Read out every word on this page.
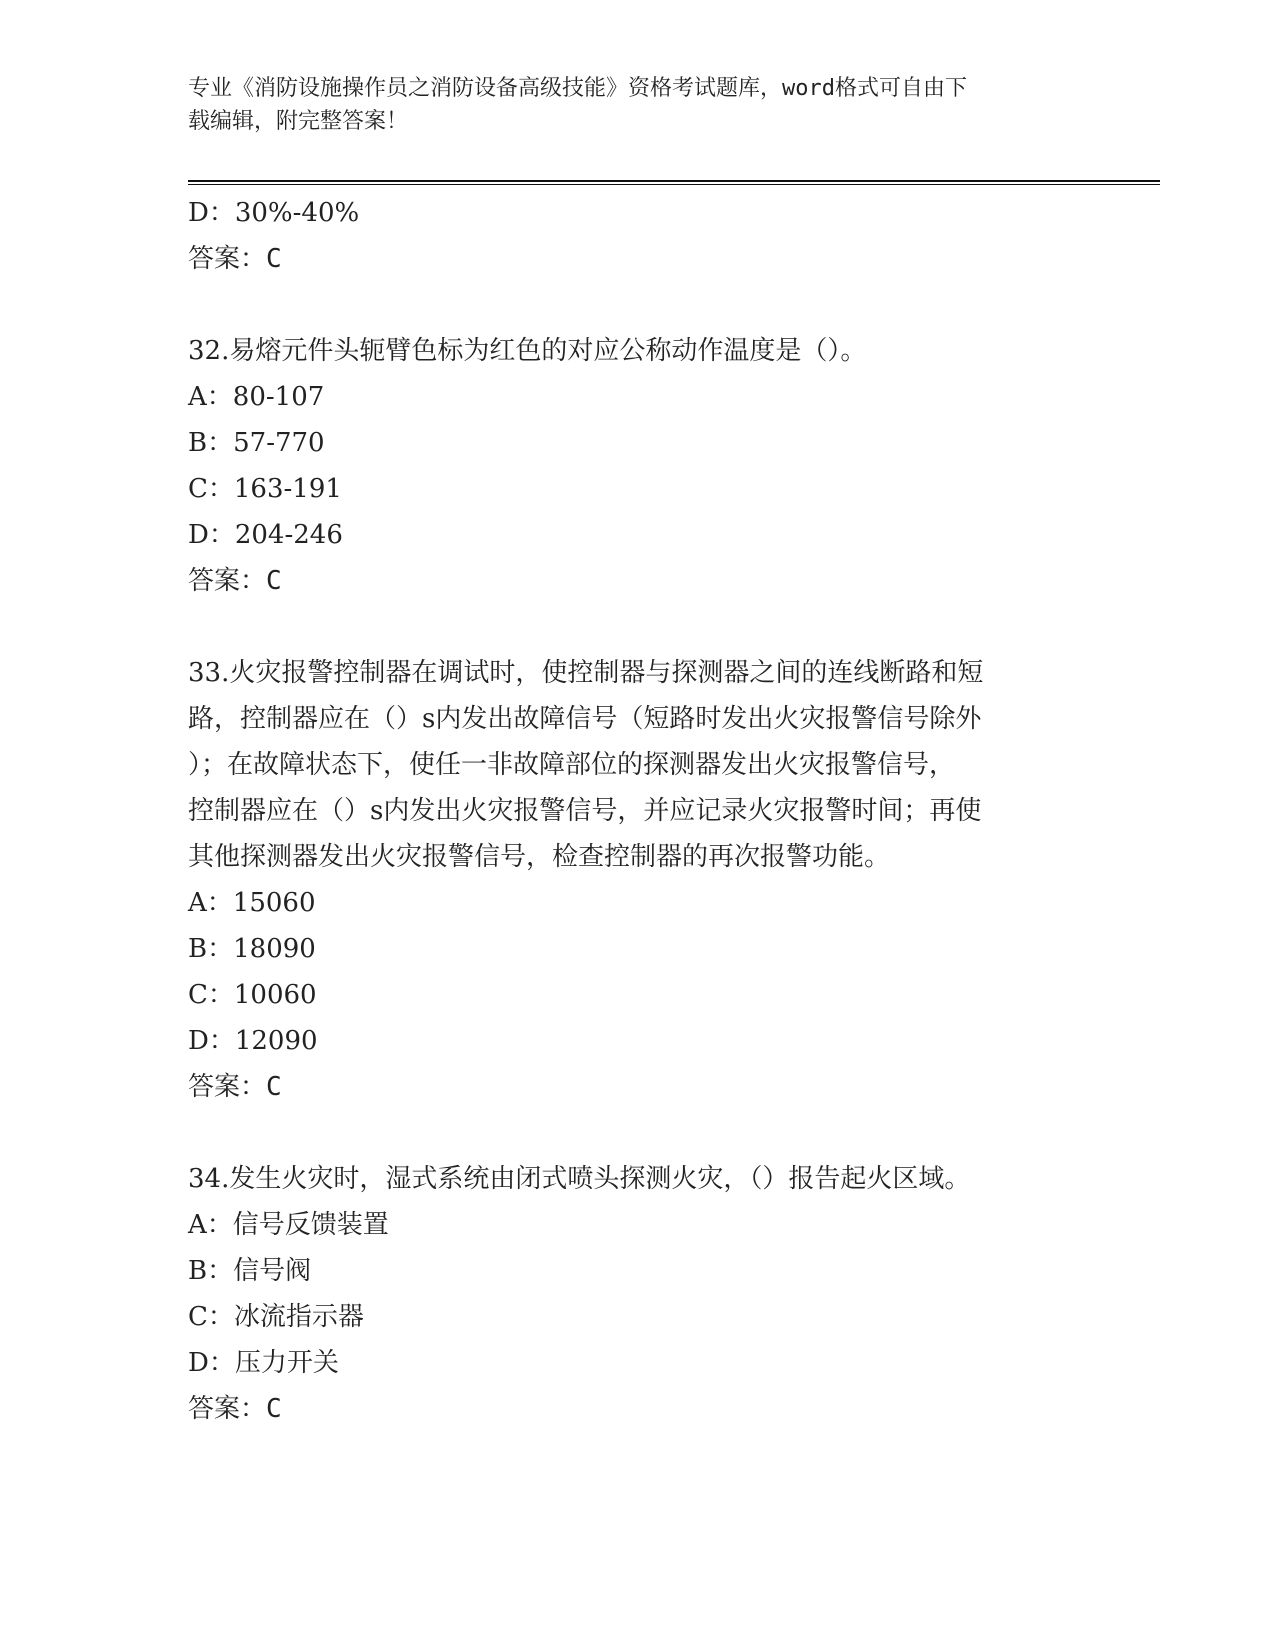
专业《消防设施操作员之消防设备高级技能》资格考试题库，word格式可自由下
载编辑，附完整答案！
D：30%-40%
答案：C
32.易熔元件头轭臂色标为红色的对应公称动作温度是（）。
A：80-107
B：57-770
C：163-191
D：204-246
答案：C
33.火灾报警控制器在调试时，使控制器与探测器之间的连线断路和短
路，控制器应在（）s内发出故障信号（短路时发出火灾报警信号除外
）；在故障状态下，使任一非故障部位的探测器发出火灾报警信号，
控制器应在（）s内发出火灾报警信号，并应记录火灾报警时间；再使
其他探测器发出火灾报警信号，检查控制器的再次报警功能。
A：15060
B：18090
C：10060
D：12090
答案：C
34.发生火灾时，湿式系统由闭式喷头探测火灾，（）报告起火区域。
A：信号反馈装置
B：信号阀
C：冰流指示器
D：压力开关
答案：C
